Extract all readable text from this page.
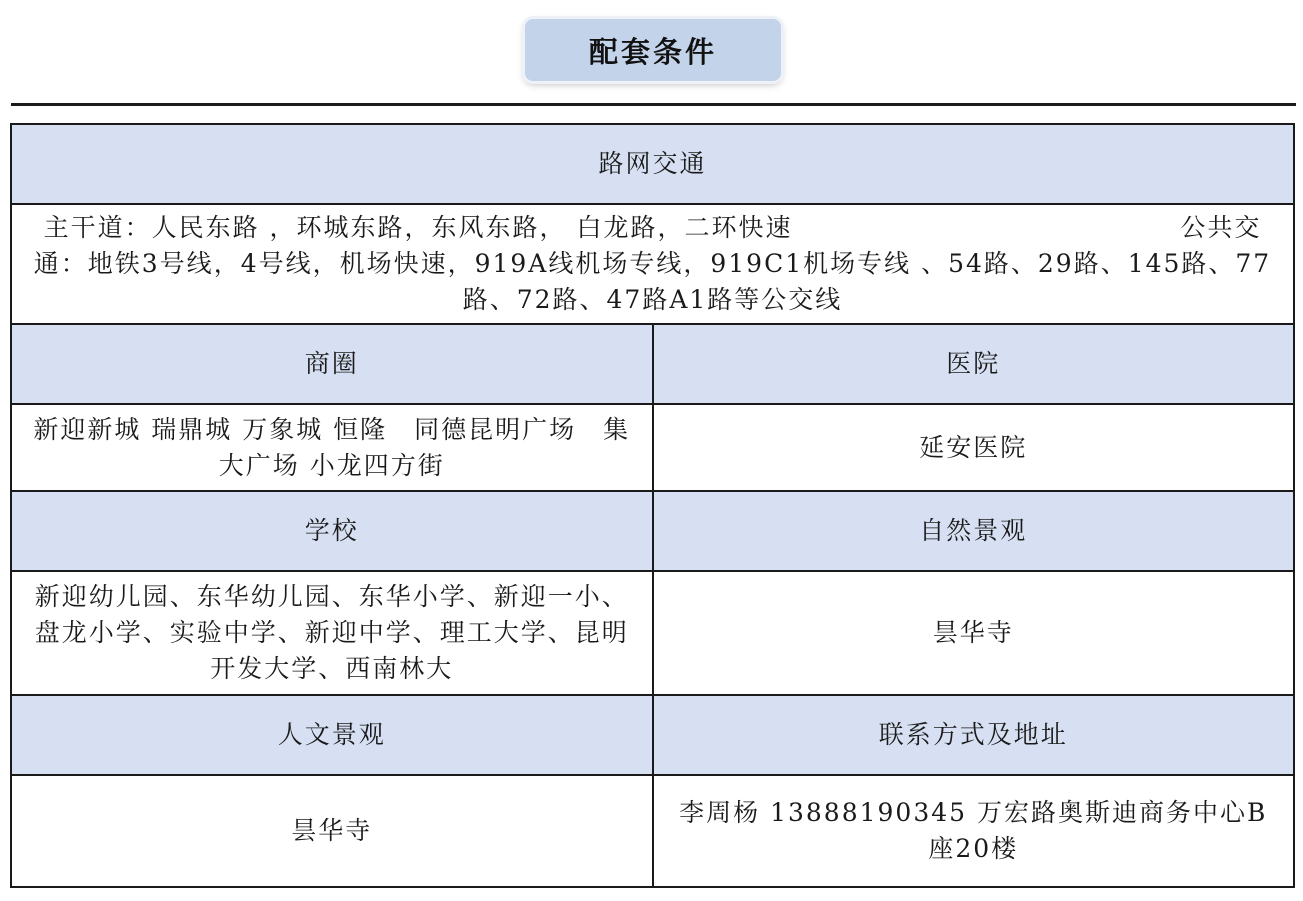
配套条件
路网交通	
主干道：人民东路 ，环城东路，东风东路， 白龙路，二环快速 　　　　　　　　　　　　　　公共交通：地铁3号线，4号线，机场快速，919A线机场专线，919C1机场专线 、54路、29路、145路、77路、72路、47路A1路等公交线	
商圈	医院
新迎新城 瑞鼎城 万象城 恒隆　同德昆明广场　集大广场 小龙四方街	延安医院
学校	自然景观
新迎幼儿园、东华幼儿园、东华小学、新迎一小、盘龙小学、实验中学、新迎中学、理工大学、昆明开发大学、西南林大	昙华寺
人文景观	联系方式及地址
昙华寺	李周杨 13888190345 万宏路奥斯迪商务中心B座20楼
